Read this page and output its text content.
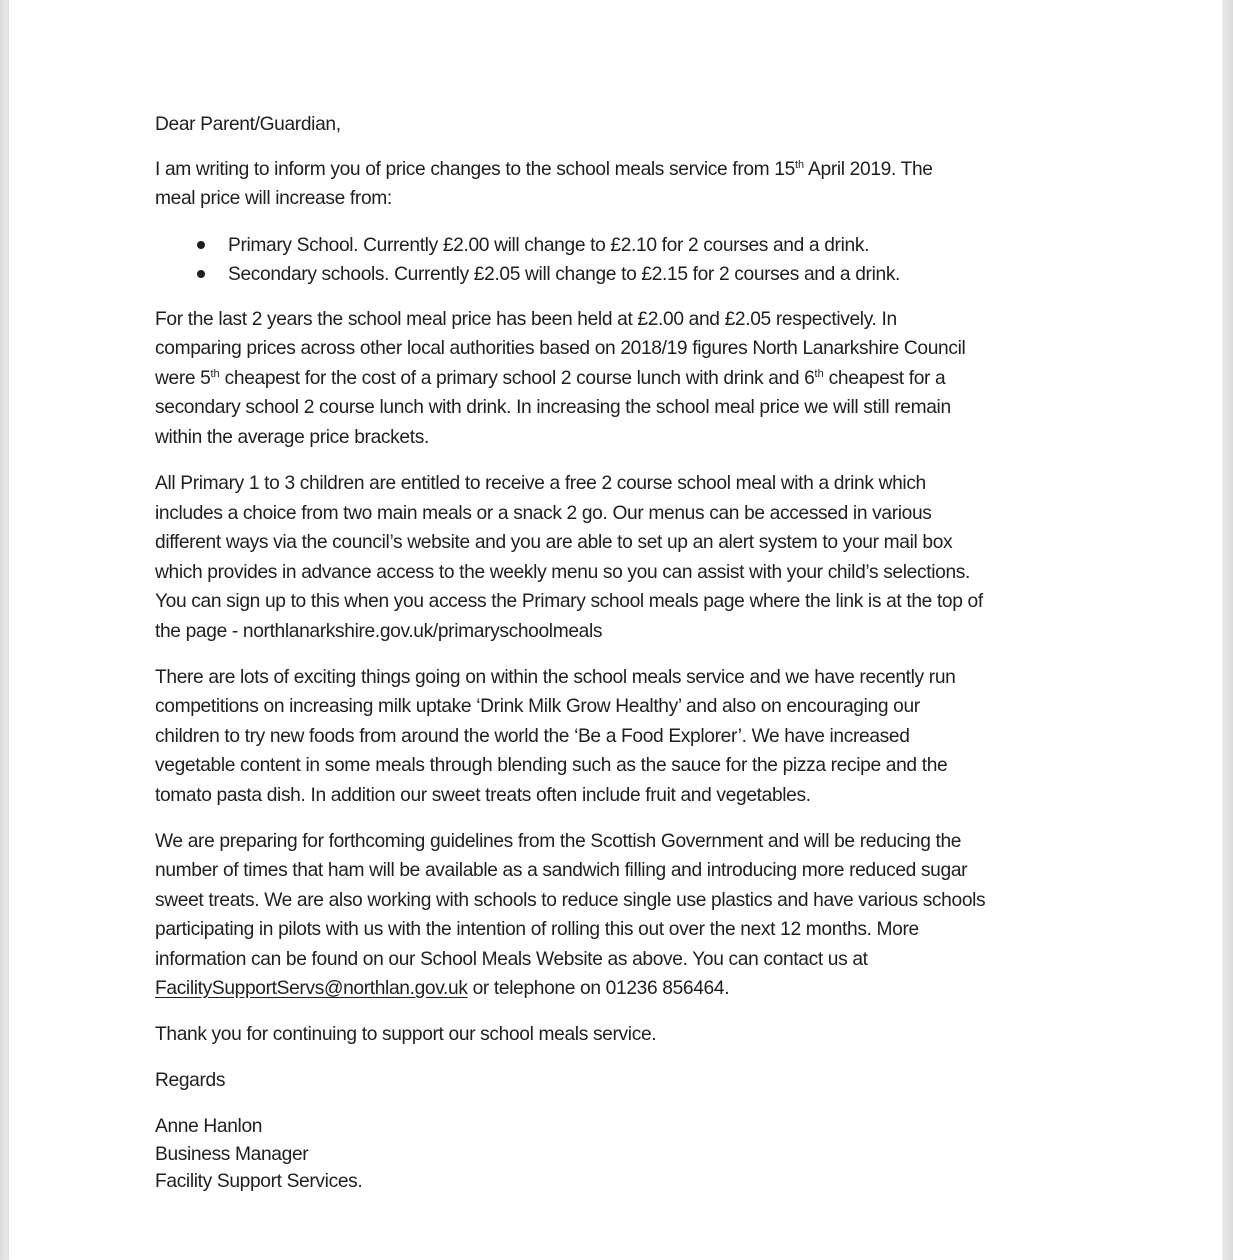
Dear Parent/Guardian,
I am writing to inform you of price changes to the school meals service from 15th April 2019. The
meal price will increase from:
Primary School. Currently £2.00 will change to £2.10 for 2 courses and a drink.
Secondary schools. Currently £2.05 will change to £2.15 for 2 courses and a drink.
For the last 2 years the school meal price has been held at £2.00 and £2.05 respectively. In
comparing prices across other local authorities based on 2018/19 figures North Lanarkshire Council
were 5th cheapest for the cost of a primary school 2 course lunch with drink and 6th cheapest for a
secondary school 2 course lunch with drink. In increasing the school meal price we will still remain
within the average price brackets.
All Primary 1 to 3 children are entitled to receive a free 2 course school meal with a drink which
includes a choice from two main meals or a snack 2 go. Our menus can be accessed in various
different ways via the council’s website and you are able to set up an alert system to your mail box
which provides in advance access to the weekly menu so you can assist with your child’s selections.
You can sign up to this when you access the Primary school meals page where the link is at the top of
the page - northlanarkshire.gov.uk/primaryschoolmeals
There are lots of exciting things going on within the school meals service and we have recently run
competitions on increasing milk uptake ‘Drink Milk Grow Healthy’ and also on encouraging our
children to try new foods from around the world the ‘Be a Food Explorer’. We have increased
vegetable content in some meals through blending such as the sauce for the pizza recipe and the
tomato pasta dish. In addition our sweet treats often include fruit and vegetables.
We are preparing for forthcoming guidelines from the Scottish Government and will be reducing the
number of times that ham will be available as a sandwich filling and introducing more reduced sugar
sweet treats. We are also working with schools to reduce single use plastics and have various schools
participating in pilots with us with the intention of rolling this out over the next 12 months. More
information can be found on our School Meals Website as above. You can contact us at
FacilitySupportServs@northlan.gov.uk or telephone on 01236 856464.
Thank you for continuing to support our school meals service.
Regards
Anne Hanlon
Business Manager
Facility Support Services.
